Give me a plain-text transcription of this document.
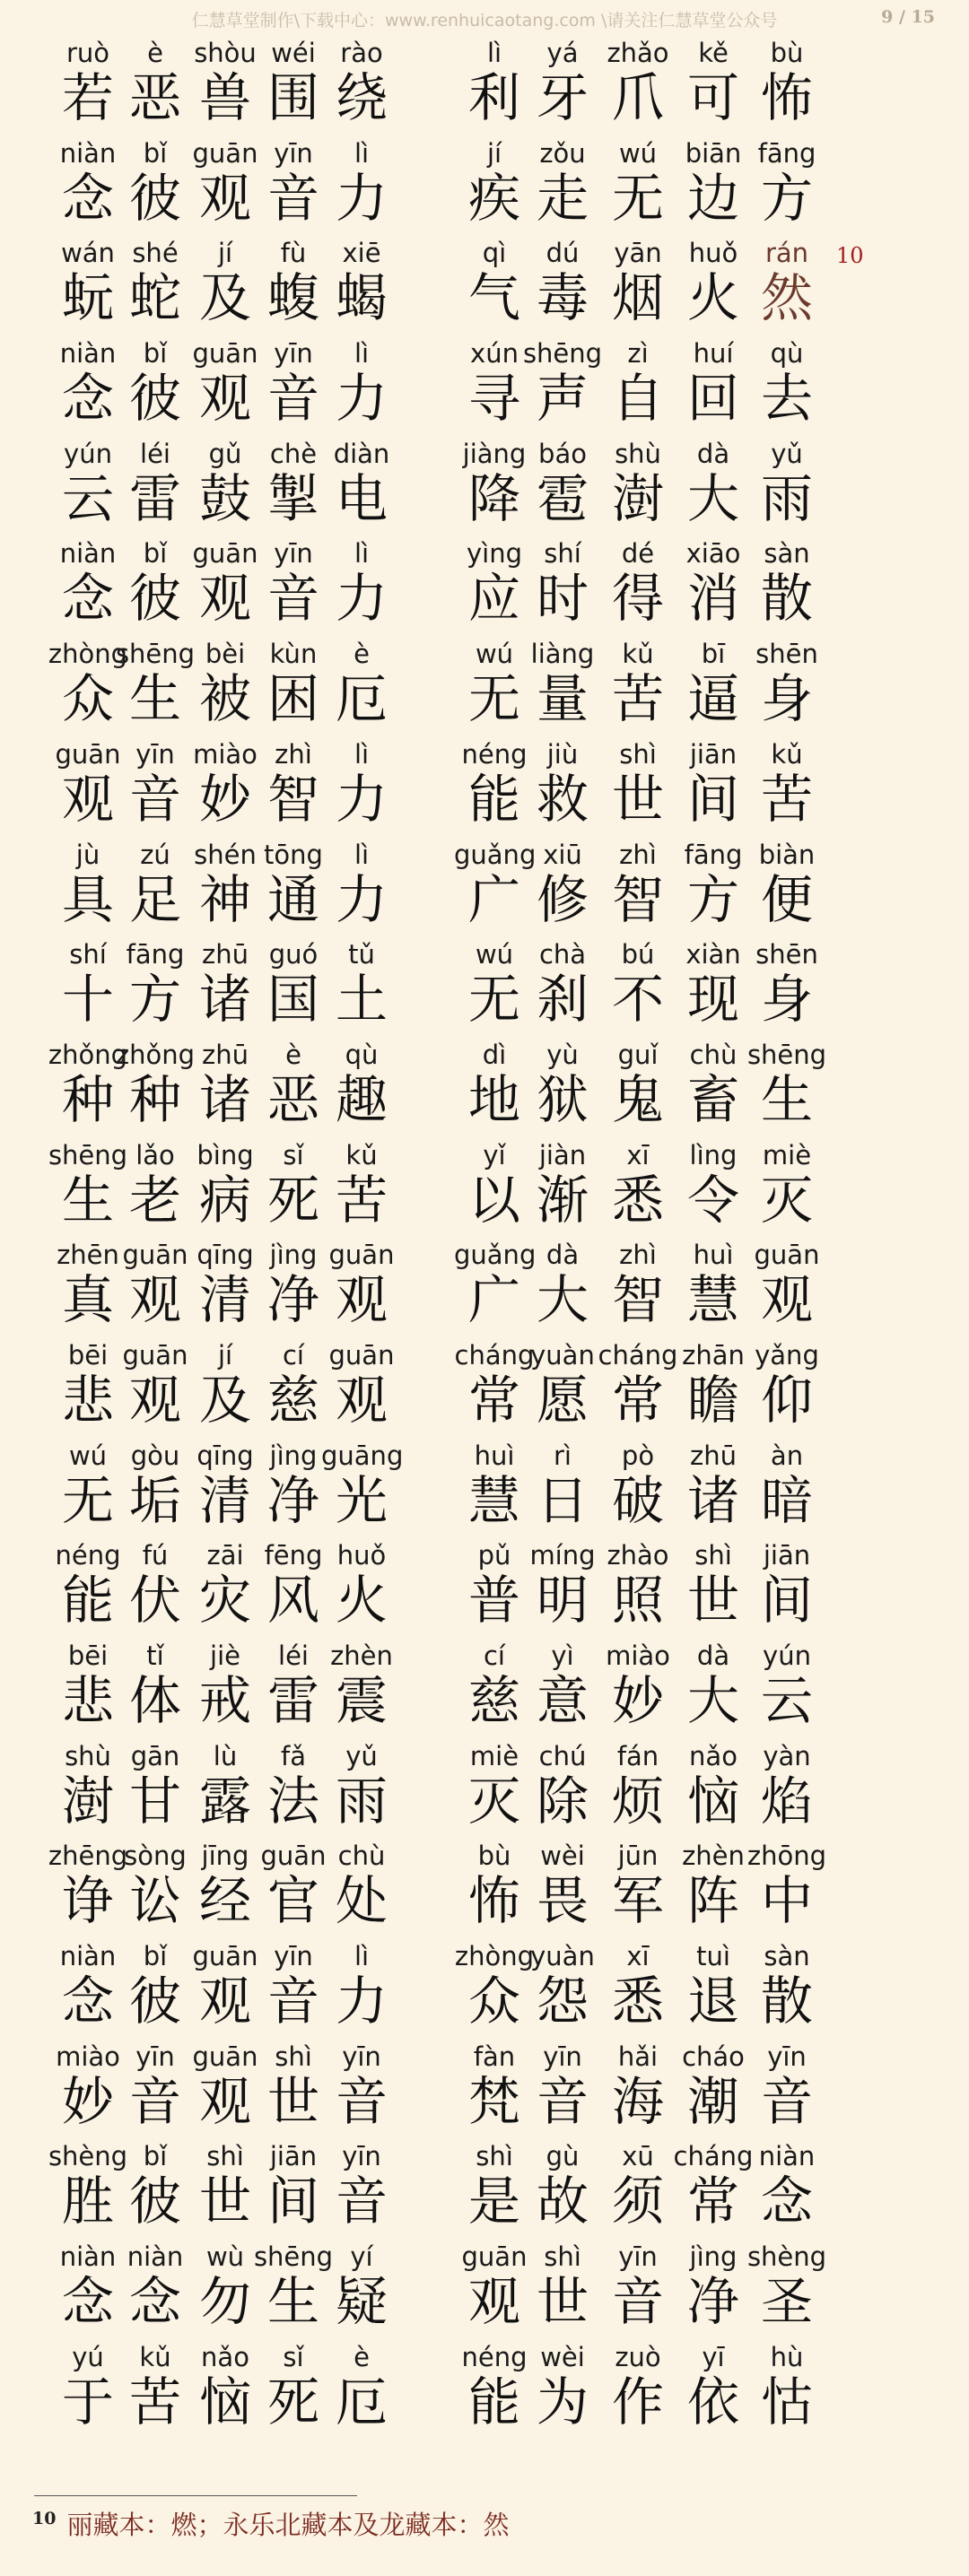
仁慧草堂制作\下载中心：www.renhuicaotang.com \请关注仁慧草堂公众号	9 / 15
ruò
若
è
恶
shòu
兽
wéi
围
rào
绕
lì
利
yá
牙
zhǎo
爪
kě
可
bù
怖
niàn
念
bǐ
彼
guān
观
yīn
音
lì
力
jí
疾
zǒu
走
wú
无
biān
边
fāng
方
wán
蚖
shé
蛇
jí
及
fù
蝮
xiē
蝎
qì
气
dú
毒
yān
烟
huǒ
火
rán
然
10
niàn
念
bǐ
彼
guān
观
yīn
音
lì
力
xún
寻
shēng
声
zì
自
huí
回
qù
去
yún
云
léi
雷
gǔ
鼓
chè
掣
diàn
电
jiàng
降
báo
雹
shù
澍
dà
大
yǔ
雨
niàn
念
bǐ
彼
guān
观
yīn
音
lì
力
yìng
应
shí
时
dé
得
xiāo
消
sàn
散
zhòng
众
shēng
生
bèi
被
kùn
困
è
厄
wú
无
liàng
量
kǔ
苦
bī
逼
shēn
身
guān
观
yīn
音
miào
妙
zhì
智
lì
力
néng
能
jiù
救
shì
世
jiān
间
kǔ
苦
jù
具
zú
足
shén
神
tōng
通
lì
力
guǎng
广
xiū
修
zhì
智
fāng
方
biàn
便
shí
十
fāng
方
zhū
诸
guó
国
tǔ
土
wú
无
chà
刹
bú
不
xiàn
现
shēn
身
zhǒng
种
zhǒng
种
zhū
诸
è
恶
qù
趣
dì
地
yù
狱
guǐ
鬼
chù
畜
shēng
生
shēng
生
lǎo
老
bìng
病
sǐ
死
kǔ
苦
yǐ
以
jiàn
渐
xī
悉
lìng
令
miè
灭
zhēn
真
guān
观
qīng
清
jìng
净
guān
观
guǎng
广
dà
大
zhì
智
huì
慧
guān
观
bēi
悲
guān
观
jí
及
cí
慈
guān
观
cháng
常
yuàn
愿
cháng
常
zhān
瞻
yǎng
仰
wú
无
gòu
垢
qīng
清
jìng
净
guāng
光
huì
慧
rì
日
pò
破
zhū
诸
àn
暗
néng
能
fú
伏
zāi
灾
fēng
风
huǒ
火
pǔ
普
míng
明
zhào
照
shì
世
jiān
间
bēi
悲
tǐ
体
jiè
戒
léi
雷
zhèn
震
cí
慈
yì
意
miào
妙
dà
大
yún
云
shù
澍
gān
甘
lù
露
fǎ
法
yǔ
雨
miè
灭
chú
除
fán
烦
nǎo
恼
yàn
焰
zhēng
诤
sòng
讼
jīng
经
guān
官
chù
处
bù
怖
wèi
畏
jūn
军
zhèn
阵
zhōng
中
niàn
念
bǐ
彼
guān
观
yīn
音
lì
力
zhòng
众
yuàn
怨
xī
悉
tuì
退
sàn
散
miào
妙
yīn
音
guān
观
shì
世
yīn
音
fàn
梵
yīn
音
hǎi
海
cháo
潮
yīn
音
shèng
胜
bǐ
彼
shì
世
jiān
间
yīn
音
shì
是
gù
故
xū
须
cháng
常
niàn
念
niàn
念
niàn
念
wù
勿
shēng
生
yí
疑
guān
观
shì
世
yīn
音
jìng
净
shèng
圣
yú
于
kǔ
苦
nǎo
恼
sǐ
死
è
厄
néng
能
wèi
为
zuò
作
yī
依
hù
怙
$^{10}$ 丽藏本：燃；永乐北藏本及龙藏本：然
